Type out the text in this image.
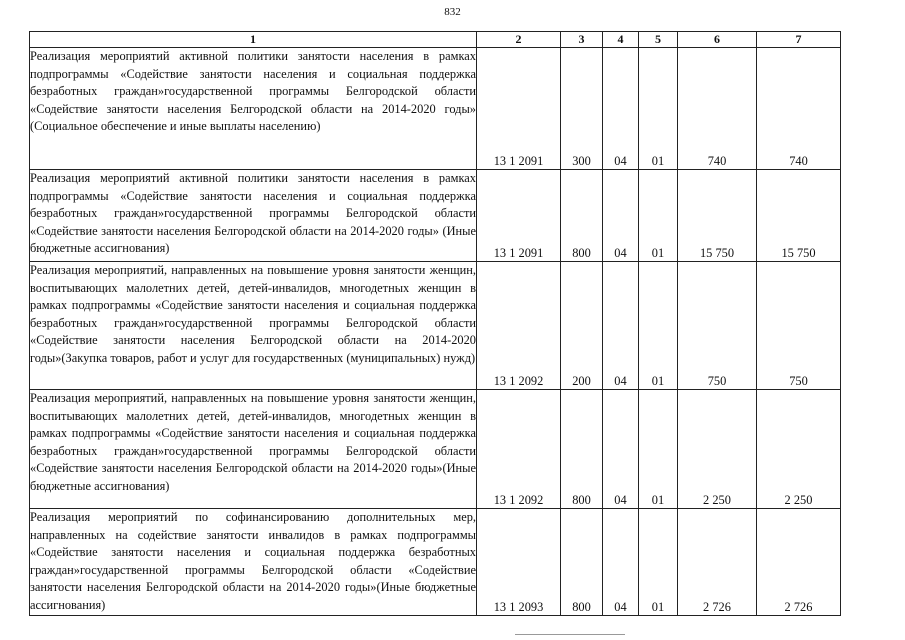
832
1	2	3	4	5	6	7
Реализация мероприятий активной политики занятости населения в рамках подпрограммы «Содействие занятости населения и социальная поддержка безработных граждан»государственной программы Белгородской области «Содействие занятости населения Белгородской области на 2014-2020 годы» (Социальное обеспечение и иные выплаты населению)	13 1 2091	300	04	01	740	740
Реализация мероприятий активной политики занятости населения в рамках подпрограммы «Содействие занятости населения и социальная поддержка безработных граждан»государственной программы Белгородской области «Содействие занятости населения Белгородской области на 2014-2020 годы» (Иные бюджетные ассигнования)	13 1 2091	800	04	01	15 750	15 750
Реализация мероприятий, направленных на повышение уровня занятости женщин, воспитывающих малолетних детей, детей-инвалидов, многодетных женщин в рамках подпрограммы «Содействие занятости населения и социальная поддержка безработных граждан»государственной программы Белгородской области «Содействие занятости населения Белгородской области на 2014-2020 годы»(Закупка товаров, работ и услуг для государственных (муниципальных) нужд)	13 1 2092	200	04	01	750	750
Реализация мероприятий, направленных на повышение уровня занятости женщин, воспитывающих малолетних детей, детей-инвалидов, многодетных женщин в рамках подпрограммы «Содействие занятости населения и социальная поддержка безработных граждан»государственной программы Белгородской области «Содействие занятости населения Белгородской области на 2014-2020 годы»(Иные бюджетные ассигнования)	13 1 2092	800	04	01	2 250	2 250
Реализация мероприятий по софинансированию дополнительных мер, направленных на содействие занятости инвалидов в рамках подпрограммы «Содействие занятости населения и социальная поддержка безработных граждан»государственной программы Белгородской области «Содействие занятости населения Белгородской области на 2014-2020 годы»(Иные бюджетные ассигнования)	13 1 2093	800	04	01	2 726	2 726
